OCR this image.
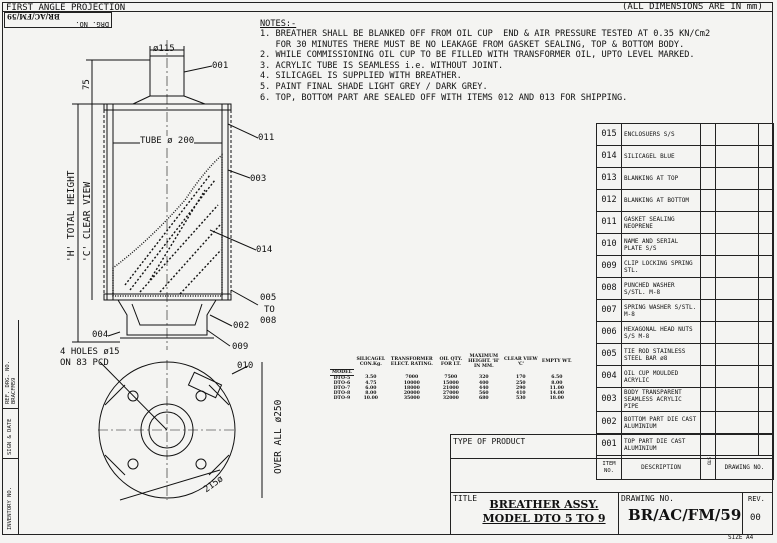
FIRST ANGLE PROJECTION	(ALL DIMENSIONS ARE IN mm)
DRG. NO.
BR/AC/FM/59
REF. DRG. NO. BRACFM59
SIGN & DATE
INVENTORY NO.
NOTES:-
1. BREATHER SHALL BE BLANKED OFF FROM OIL CUP  END & AIR PRESSURE TESTED AT 0.35 KN/Cm2
FOR 30 MINUTES THERE MUST BE NO LEAKAGE FROM GASKET SEALING, TOP & BOTTOM BODY.
2. WHILE COMMISSIONING OIL CUP TO BE FILLED WITH TRANSFORMER OIL, UPTO LEVEL MARKED.
3. ACRYLIC TUBE IS SEAMLESS i.e. WITHOUT JOINT.
4. SILICAGEL IS SUPPLIED WITH BREATHER.
5. PAINT FINAL SHADE LIGHT GREY / DARK GREY.
6. TOP, BOTTOM PART ARE SEALED OFF WITH ITEMS 012 AND 013 FOR SHIPPING.
ø115
TUBE ø 200
75
'H' TOTAL HEIGHT 'C' CLEAR VIEW
4 HOLES ø15
ON 83 PCD
OVER ALL ø250
215ø
001
011
003
014
005
TO
008
002
009
004
010
	SILICAGEL CON.Kg.	TRANSFORMER ELECT. RATING.	OIL QTY. FOR LT.	MAXIMUM HEIGHT. 'H' IN MM.	CLEAR VIEW 'C'	EMPTY WT.
MODEL						
DTO-5	3.50	7000	7500	320	170	6.50
DTO-6	4.75	10000	15000	400	250	8.00
DTO-7	6.00	18000	21000	440	290	11.00
DTO-8	8.00	20000	27000	560	410	14.00
DTO-9	10.00	35000	32000	680	530	18.00
015	ENCLOSUERS S/S			
014	SILICAGEL BLUE			
013	BLANKING AT TOP			
012	BLANKING AT BOTTOM			
011	GASKET SEALING NEOPRENE			
010	NAME AND SERIAL PLATE S/S			
009	CLIP LOCKING SPRING STL.			
008	PUNCHED WASHER S/STL. M-8			
007	SPRING WASHER S/STL. M-8			
006	HEXAGONAL HEAD NUTS S/S M-8			
005	TIE ROD STAINLESS STEEL BAR ø8			
004	OIL CUP MOULDED ACRYLIC			
003	BODY TRANSPARENT SEAMLESS ACRYLIC PIPE			
002	BOTTOM PART DIE CAST ALUMINIUM			
001	TOP PART DIE CAST ALUMINIUM			
ITEM NO.	DESCRIPTION	STD	DRAWING NO.	
TYPE OF PRODUCT
TITLE	BREATHER ASSY.
MODEL DTO 5 TO 9
DRAWING NO.
BR/AC/FM/59
REV.
00
SIZE A4
